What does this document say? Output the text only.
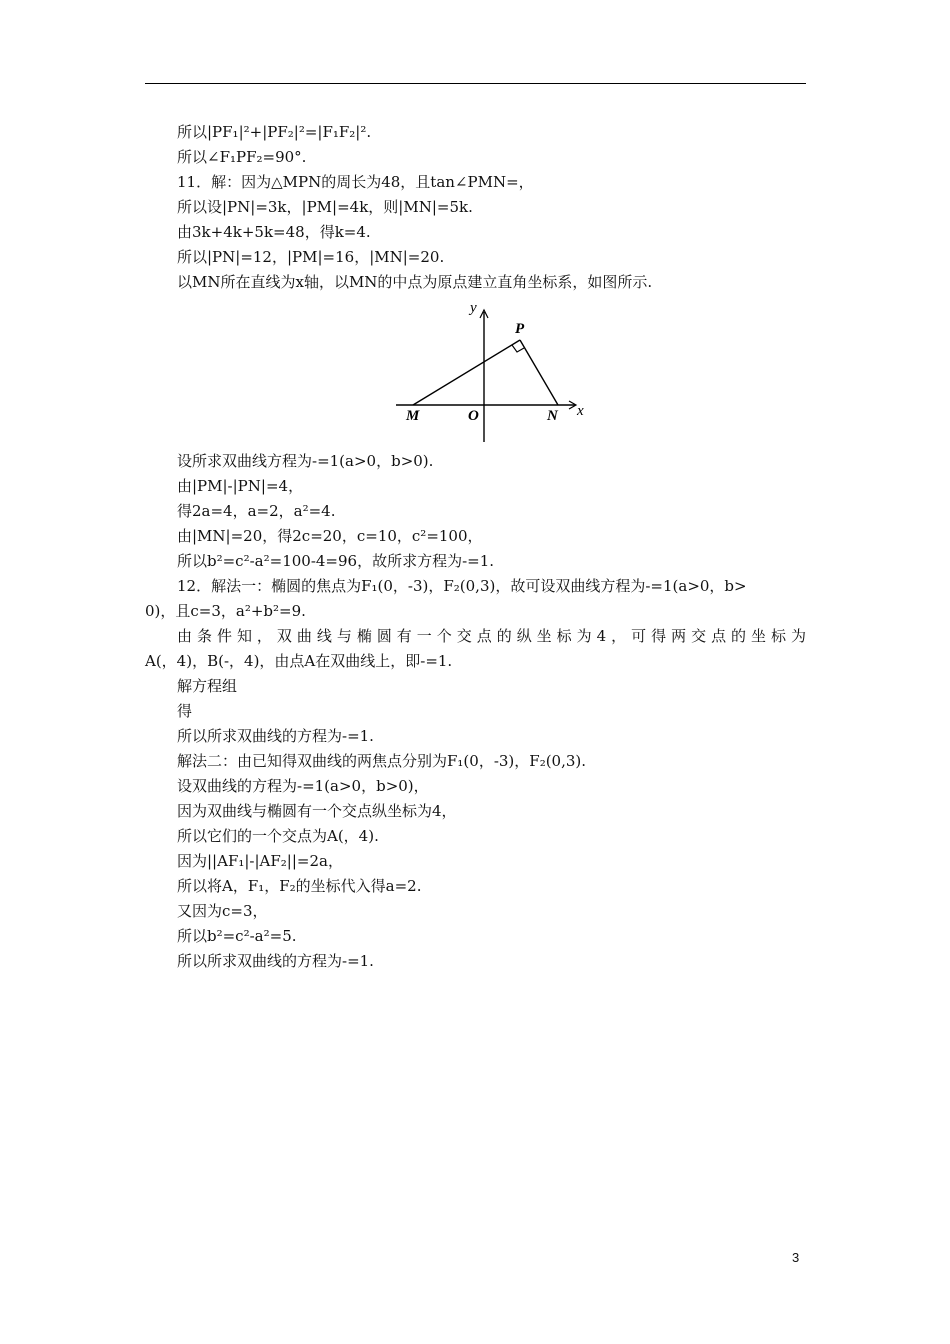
所以|PF₁|²+|PF₂|²=|F₁F₂|².
所以∠F₁PF₂=90°.
11．解：因为△MPN的周长为48，且tan∠PMN=，
所以设|PN|=3k，|PM|=4k，则|MN|=5k.
由3k+4k+5k=48，得k=4.
所以|PN|=12，|PM|=16，|MN|=20.
以MN所在直线为x轴，以MN的中点为原点建立直角坐标系，如图所示.
y
x
P
M	O	N
设所求双曲线方程为-=1(a>0，b>0).
由|PM|-|PN|=4，
得2a=4，a=2，a²=4.
由|MN|=20，得2c=20，c=10，c²=100，
所以b²=c²-a²=100-4=96，故所求方程为-=1.
12．解法一：椭圆的焦点为F₁(0，-3)，F₂(0,3)，故可设双曲线方程为-=1(a>0，b>
0)，且c=3，a²+b²=9.
由条件知，双曲线与椭圆有一个交点的纵坐标为4，可得两交点的坐标为
A(，4)，B(-，4)，由点A在双曲线上，即-=1.
解方程组
得
所以所求双曲线的方程为-=1.
解法二：由已知得双曲线的两焦点分别为F₁(0，-3)，F₂(0,3).
设双曲线的方程为-=1(a>0，b>0)，
因为双曲线与椭圆有一个交点纵坐标为4，
所以它们的一个交点为A(，4).
因为||AF₁|-|AF₂||=2a，
所以将A，F₁，F₂的坐标代入得a=2.
又因为c=3，
所以b²=c²-a²=5.
所以所求双曲线的方程为-=1.
3
